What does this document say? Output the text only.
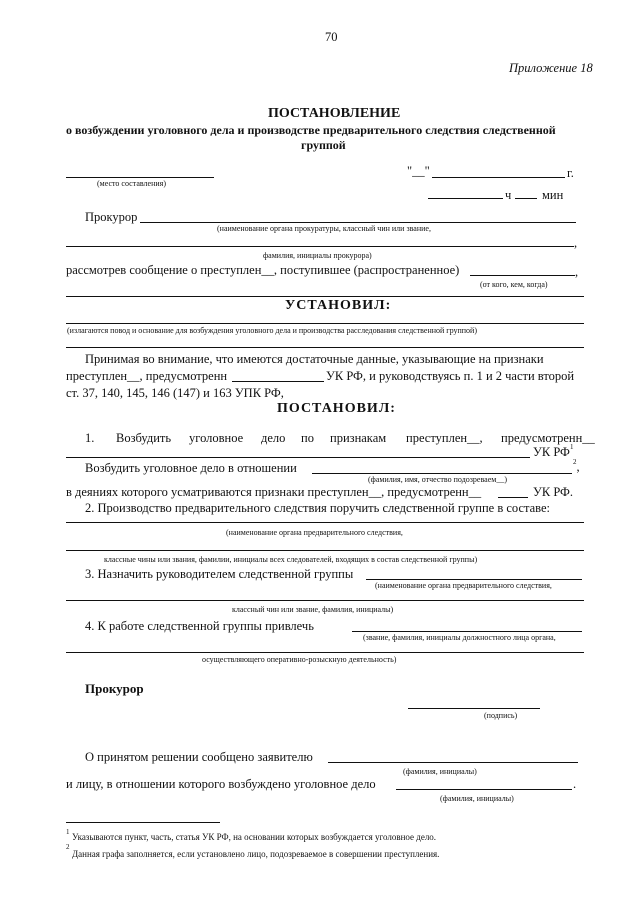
70
Приложение 18
ПОСТАНОВЛЕНИЕ
о возбуждении уголовного дела и производстве предварительного следствия следственной
группой
(место составления)
"__"	г.
ч мин
Прокурор
(наименование органа прокуратуры, классный чин или звание,
,
фамилия, инициалы прокурора)
рассмотрев сообщение о преступлен__, поступившее (распространенное)	,
(от кого, кем, когда)
УСТАНОВИЛ:
(излагаются повод и основание для возбуждения уголовного дела и производства расследования следственной группой)
Принимая во внимание, что имеются достаточные данные, указывающие на признаки
преступлен__, предусмотренн	УК РФ, и руководствуясь п. 1 и 2 части второй
ст. 37, 140, 145, 146 (147) и 163 УПК РФ,
ПОСТАНОВИЛ:
1. Возбудить уголовное дело по признакам преступлен__, предусмотренн__
УК $РФ^1$
Возбудить уголовное дело в отношении	$^2$,
(фамилия, имя, отчество подозреваем__)
в деяниях которого усматриваются признаки преступлен__, предусмотренн__	УК РФ.
2. Производство предварительного следствия поручить следственной группе в составе:
(наименование органа предварительного следствия,
классные чины или звания, фамилии, инициалы всех следователей, входящих в состав следственной группы)
3. Назначить руководителем следственной группы
(наименование органа предварительного следствия,
классный чин или звание, фамилия, инициалы)
4. К работе следственной группы привлечь
(звание, фамилия, инициалы должностного лица органа,
осуществляющего оперативно-розыскную деятельность)
Прокурор
(подпись)
О принятом решении сообщено заявителю
(фамилия, инициалы)
и лицу, в отношении которого возбуждено уголовное дело	.
(фамилия, инициалы)
1 Указываются пункт, часть, статья УК РФ, на основании которых возбуждается уголовное дело.
2
Данная графа заполняется, если установлено лицо, подозреваемое в совершении преступления.
